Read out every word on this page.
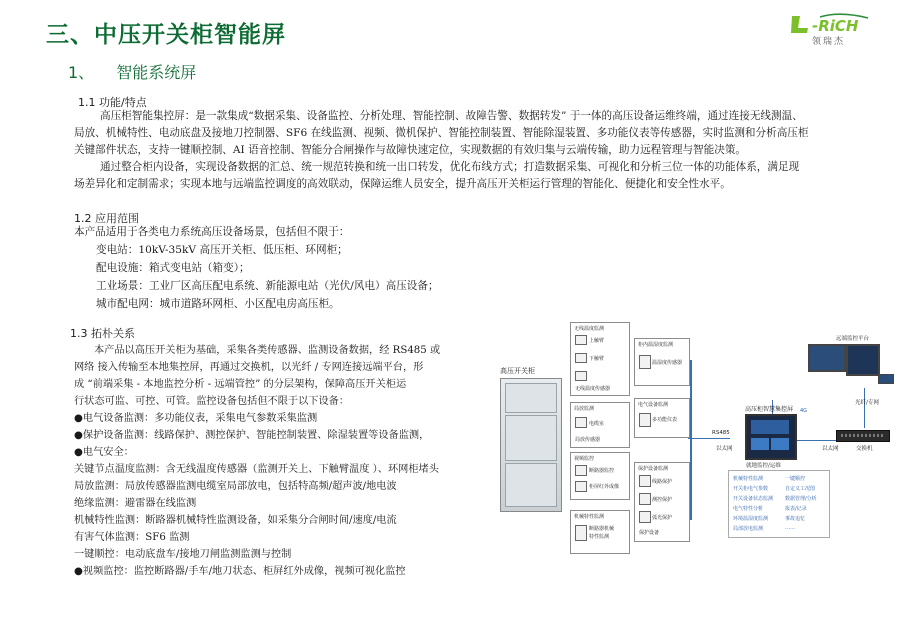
三、中压开关柜智能屏
1、 智能系统屏
-RiCH
领瑞杰
1.1 功能/特点
高压柜智能集控屏：是一款集成“数据采集、设备监控、分析处理、智能控制、故障告警、数据转发” 于一体的高压设备运维终端，通过连接无线测温、
局放、机械特性、电动底盘及接地刀控制器、SF6 在线监测、视频、微机保护、智能控制装置、智能除湿装置、多功能仪表等传感器，实时监测和分析高压柜
关键部件状态，支持一键顺控制、AI 语音控制、智能分合闸操作与故障快速定位，实现数据的有效归集与云端传输，助力远程管理与智能决策。
通过整合柜内设备，实现设备数据的汇总、统一规范转换和统一出口转发，优化布线方式；打造数据采集、可视化和分析三位一体的功能体系，满足现
场差异化和定制需求；实现本地与远端监控调度的高效联动，保障运维人员安全，提升高压开关柜运行管理的智能化、便捷化和安全性水平。
1.2 应用范围
本产品适用于各类电力系统高压设备场景，包括但不限于：
变电站：10kV-35kV 高压开关柜、低压柜、环网柜；
配电设施：箱式变电站（箱变）；
工业场景：工业厂区高压配电系统、新能源电站（光伏/风电）高压设备；
城市配电网：城市道路环网柜、小区配电房高压柜。
1.3 拓朴关系
本产品以高压开关柜为基础，采集各类传感器、监测设备数据，经 RS485 或
网络 接入传输至本地集控屏，再通过交换机，以光纤 / 专网连接远端平台，形
成 “前端采集 - 本地监控分析 - 远端管控” 的分层架构，保障高压开关柜运
行状态可监、可控、可管。监控设备包括但不限于以下设备：
●电气设备监测：多功能仪表，采集电气参数采集监测
●保护设备监测：线路保护、测控保护、智能控制装置、除湿装置等设备监测，
●电气安全：
关键节点温度监测：含无线温度传感器（监测开关上、下触臂温度 ）、环网柜堵头
局放监测：局放传感器监测电缆室局部放电，包括特高频/超声波/地电波
绝缘监测：避雷器在线监测
机械特性监测：断路器机械特性监测设备，如采集分合闸时间/速度/电流
有害气体监测：SF6 监测
一键顺控：电动底盘车/接地刀闸监测监测与控制
●视频监控：监控断路器/手车/地刀状态、柜屏红外成像，视频可视化监控
高压开关柜
无线温度监测
上触臂
下触臂
无线温度传感器
局放监测
电缆室
局放传感器
视频监控
断路器监控
柜屏红外成像
机械特性监测
断路器机械
特性监测
柜内温湿度监测
温湿度传感器
电气设备监测
多功能仪表
保护设备监测
线路保护
测控保护
弧光保护
保护设备
RS485
以太网	以太网
高压柜智慧集控屏 4G
就地监控/运维
机械特性监测
开关柜电气参数
开关设备状态监测
电气特性分析
环境温湿度监测
局部放电监测
一键顺控
自定义工况图
数据管理/分析
报表/记录
事故追忆
……
远端监控平台
光纤/专网
交换机
